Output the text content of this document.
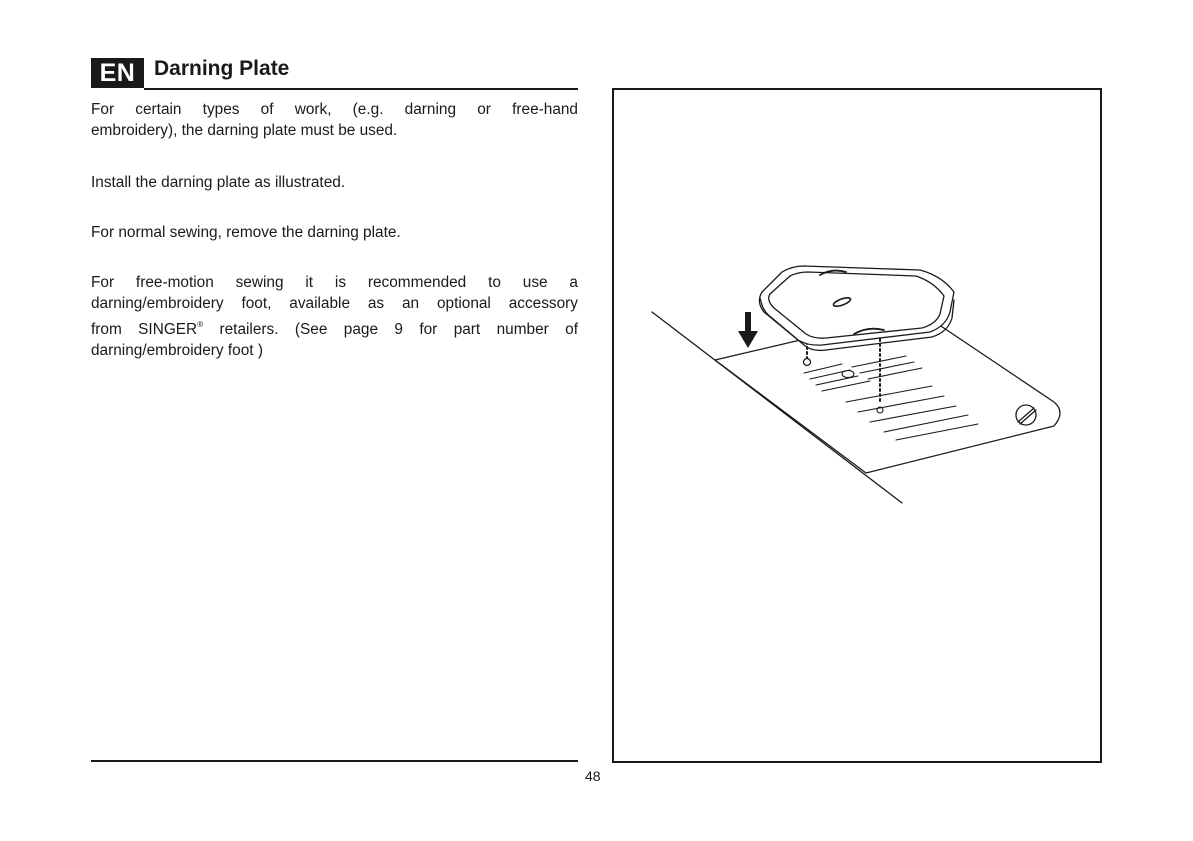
EN Darning Plate

For certain types of work, (e.g. darning or free-hand
embroidery), the darning plate must be used.

Install the darning plate as illustrated.

For normal sewing, remove the darning plate.

For free-motion sewing it is recommended to use a
darning/embroidery foot, available as an optional accessory
from SINGER® retailers. (See page 9 for part number of
darning/embroidery foot )

48
